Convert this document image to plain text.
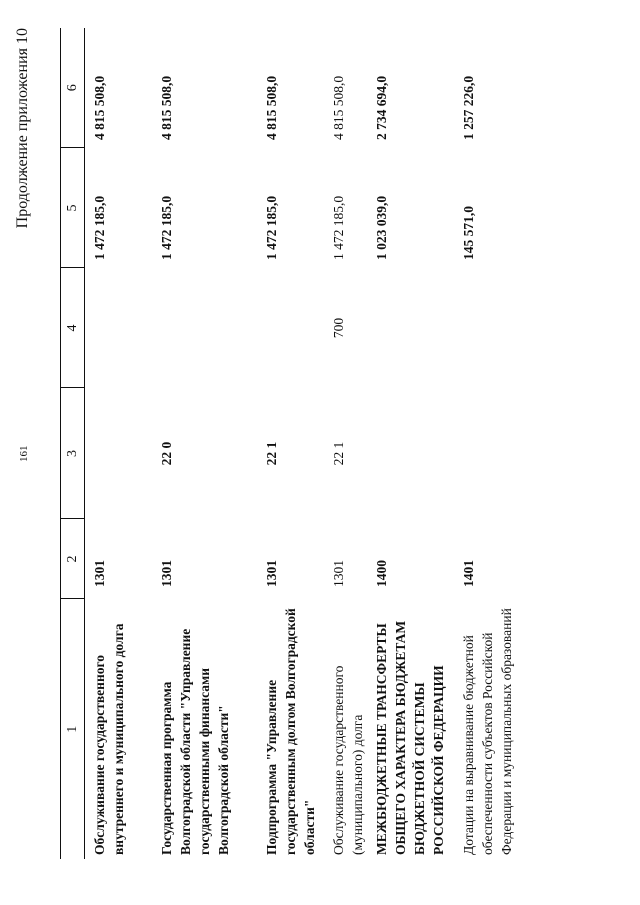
161
Продолжение приложения 10
1	2	3	4	5	6
Обслуживание государственного внутреннего и муниципального долга	1301			1 472 185,0	4 815 508,0
Государственная программа Волгоградской области "Управление государственными финансами Волгоградской области"	1301	22 0		1 472 185,0	4 815 508,0
Подпрограмма "Управление государственным долгом Волгоградской области"	1301	22 1		1 472 185,0	4 815 508,0
Обслуживание государственного (муниципального) долга	1301	22 1	700	1 472 185,0	4 815 508,0
МЕЖБЮДЖЕТНЫЕ ТРАНСФЕРТЫ ОБЩЕГО ХАРАКТЕРА БЮДЖЕТАМ БЮДЖЕТНОЙ СИСТЕМЫ РОССИЙСКОЙ ФЕДЕРАЦИИ	1400			1 023 039,0	2 734 694,0
Дотации на выравнивание бюджетной обеспеченности субъектов Российской Федерации и муниципальных образований	1401			145 571,0	1 257 226,0
